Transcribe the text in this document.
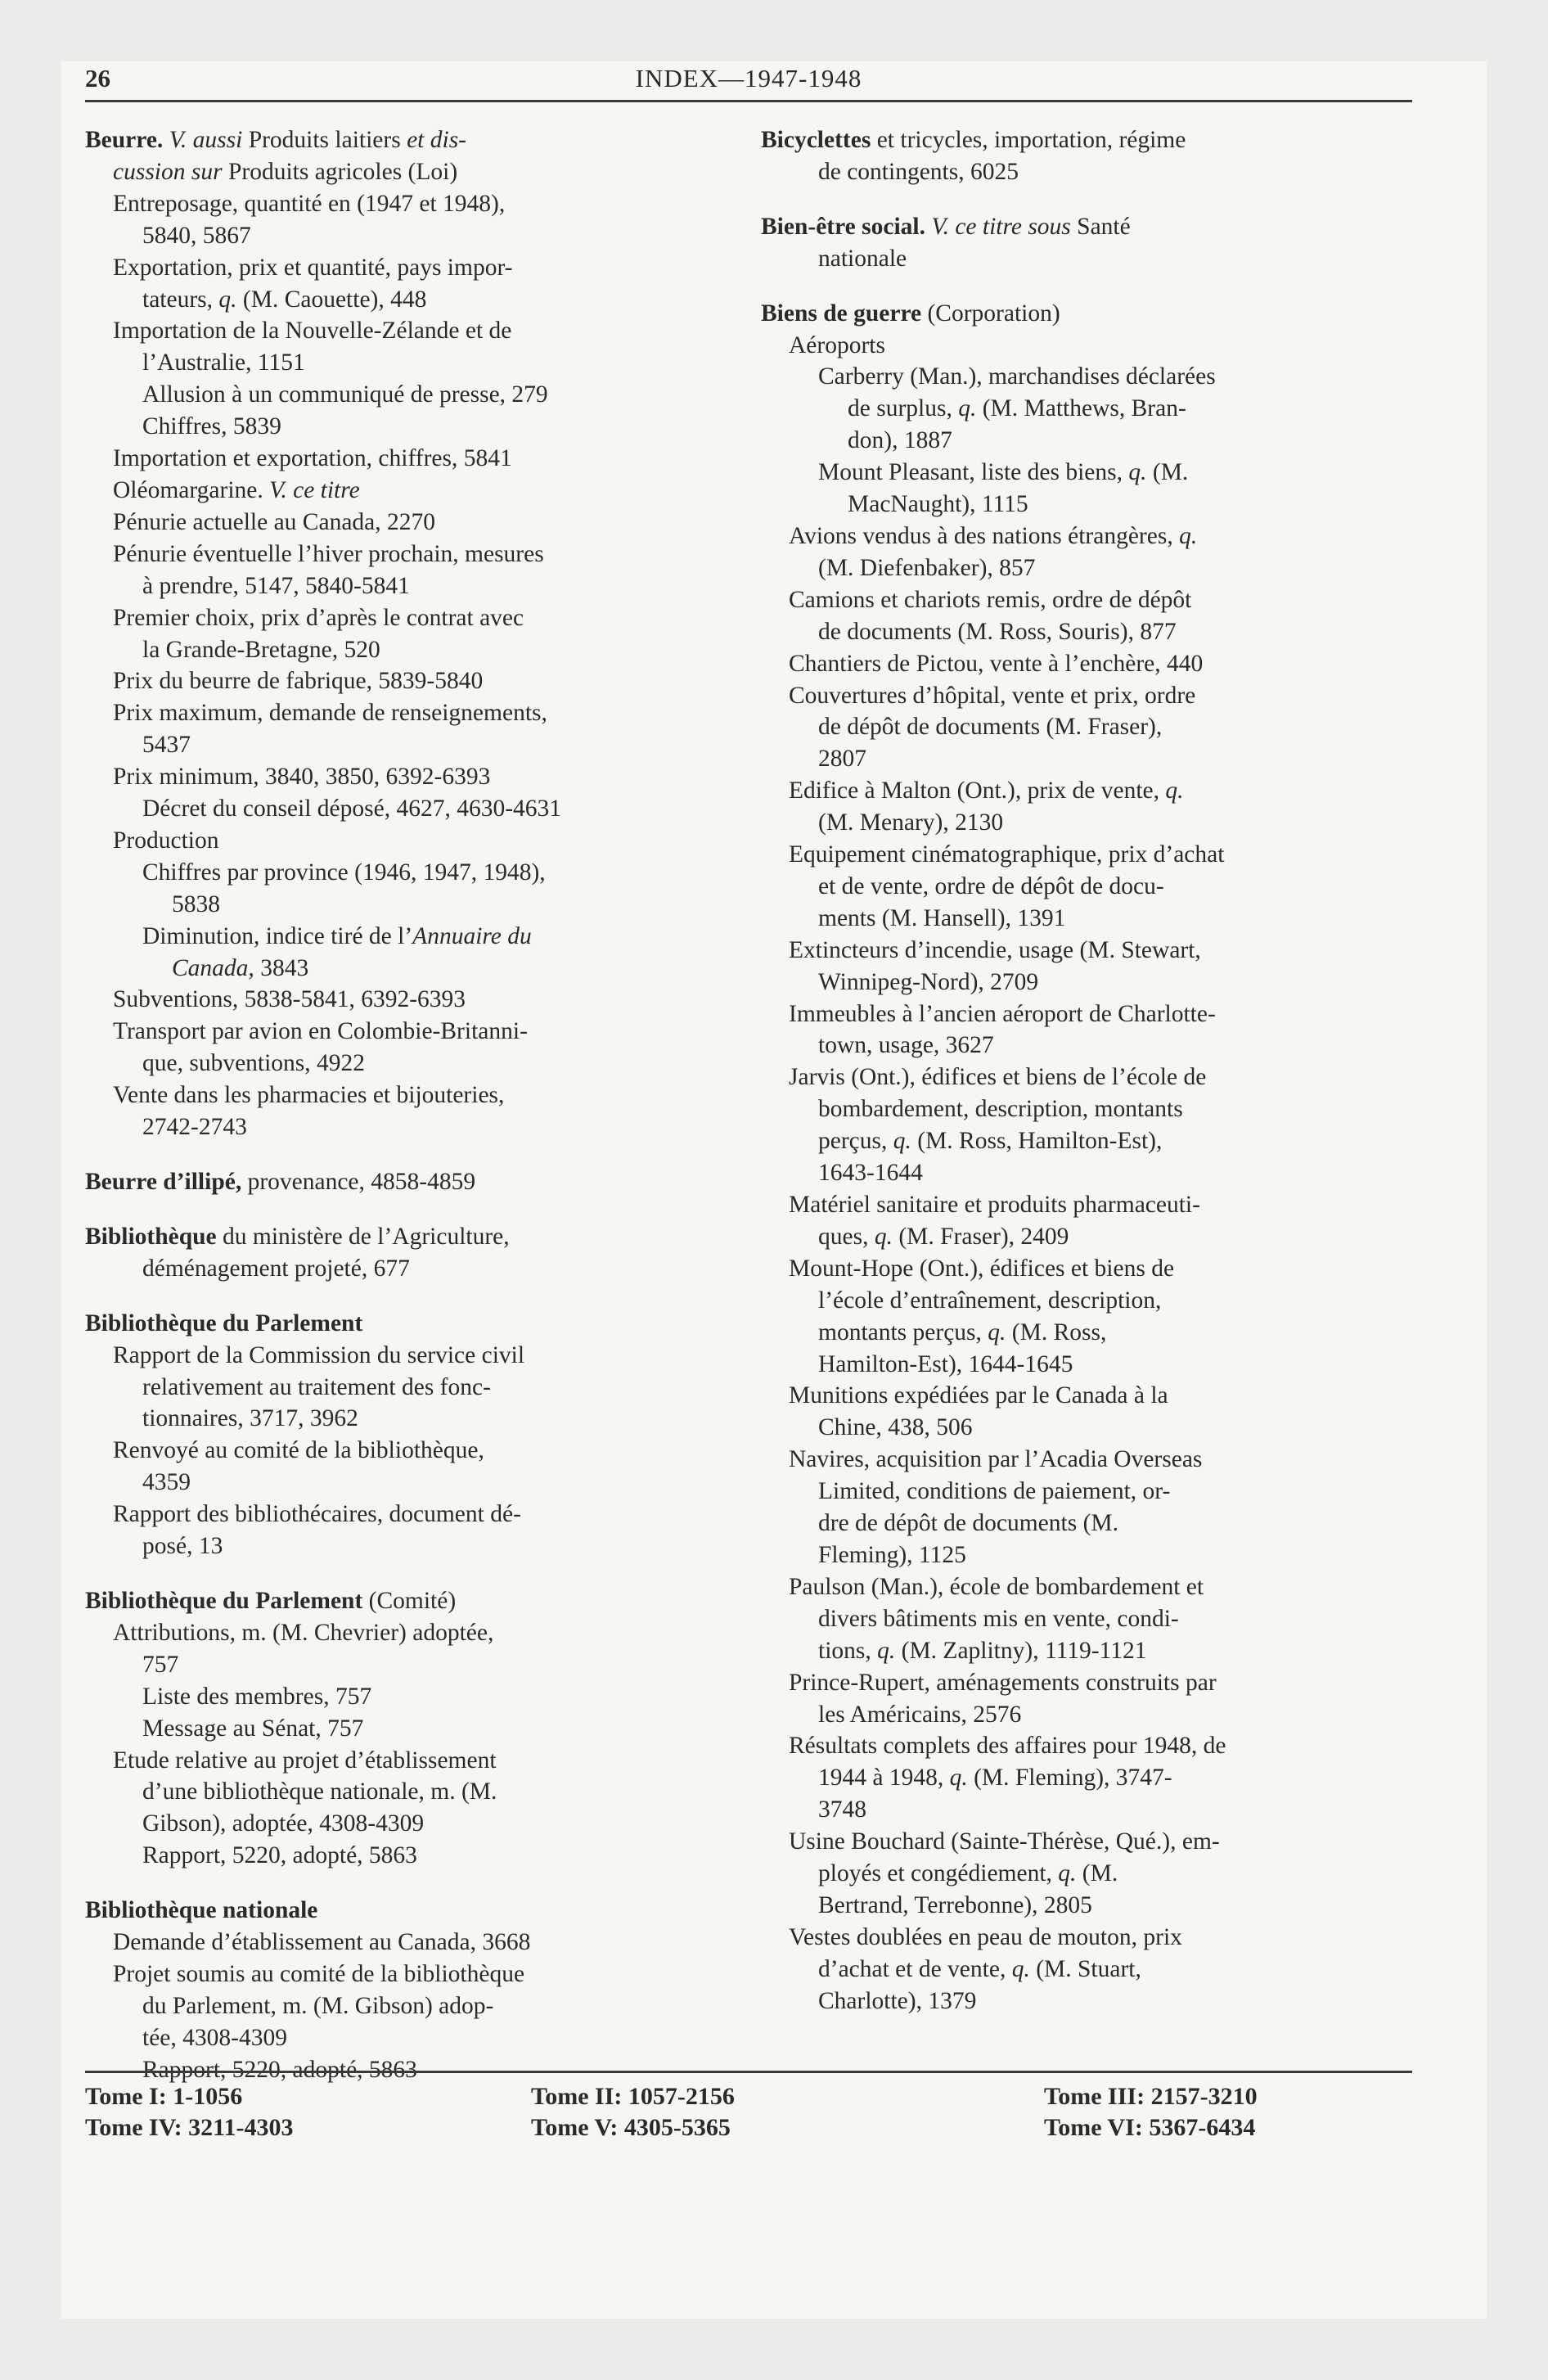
26	INDEX—1947-1948
Beurre. V. aussi Produits laitiers et dis-
cussion sur Produits agricoles (Loi)
Entreposage, quantité en (1947 et 1948),
5840, 5867
Exportation, prix et quantité, pays impor-
tateurs, q. (M. Caouette), 448
Importation de la Nouvelle-Zélande et de
l’Australie, 1151
Allusion à un communiqué de presse, 279
Chiffres, 5839
Importation et exportation, chiffres, 5841
Oléomargarine. V. ce titre
Pénurie actuelle au Canada, 2270
Pénurie éventuelle l’hiver prochain, mesures
à prendre, 5147, 5840-5841
Premier choix, prix d’après le contrat avec
la Grande-Bretagne, 520
Prix du beurre de fabrique, 5839-5840
Prix maximum, demande de renseignements,
5437
Prix minimum, 3840, 3850, 6392-6393
Décret du conseil déposé, 4627, 4630-4631
Production
Chiffres par province (1946, 1947, 1948),
5838
Diminution, indice tiré de l’Annuaire du
Canada, 3843
Subventions, 5838-5841, 6392-6393
Transport par avion en Colombie-Britanni-
que, subventions, 4922
Vente dans les pharmacies et bijouteries,
2742-2743
Beurre d’illipé, provenance, 4858-4859
Bibliothèque du ministère de l’Agriculture,
déménagement projeté, 677
Bibliothèque du Parlement
Rapport de la Commission du service civil
relativement au traitement des fonc-
tionnaires, 3717, 3962
Renvoyé au comité de la bibliothèque,
4359
Rapport des bibliothécaires, document dé-
posé, 13
Bibliothèque du Parlement (Comité)
Attributions, m. (M. Chevrier) adoptée,
757
Liste des membres, 757
Message au Sénat, 757
Etude relative au projet d’établissement
d’une bibliothèque nationale, m. (M.
Gibson), adoptée, 4308-4309
Rapport, 5220, adopté, 5863
Bibliothèque nationale
Demande d’établissement au Canada, 3668
Projet soumis au comité de la bibliothèque
du Parlement, m. (M. Gibson) adop-
tée, 4308-4309
Rapport, 5220, adopté, 5863
Bicyclettes et tricycles, importation, régime
de contingents, 6025
Bien-être social. V. ce titre sous Santé
nationale
Biens de guerre (Corporation)
Aéroports
Carberry (Man.), marchandises déclarées
de surplus, q. (M. Matthews, Bran-
don), 1887
Mount Pleasant, liste des biens, q. (M.
MacNaught), 1115
Avions vendus à des nations étrangères, q.
(M. Diefenbaker), 857
Camions et chariots remis, ordre de dépôt
de documents (M. Ross, Souris), 877
Chantiers de Pictou, vente à l’enchère, 440
Couvertures d’hôpital, vente et prix, ordre
de dépôt de documents (M. Fraser),
2807
Edifice à Malton (Ont.), prix de vente, q.
(M. Menary), 2130
Equipement cinématographique, prix d’achat
et de vente, ordre de dépôt de docu-
ments (M. Hansell), 1391
Extincteurs d’incendie, usage (M. Stewart,
Winnipeg-Nord), 2709
Immeubles à l’ancien aéroport de Charlotte-
town, usage, 3627
Jarvis (Ont.), édifices et biens de l’école de
bombardement, description, montants
perçus, q. (M. Ross, Hamilton-Est),
1643-1644
Matériel sanitaire et produits pharmaceuti-
ques, q. (M. Fraser), 2409
Mount-Hope (Ont.), édifices et biens de
l’école d’entraînement, description,
montants perçus, q. (M. Ross,
Hamilton-Est), 1644-1645
Munitions expédiées par le Canada à la
Chine, 438, 506
Navires, acquisition par l’Acadia Overseas
Limited, conditions de paiement, or-
dre de dépôt de documents (M.
Fleming), 1125
Paulson (Man.), école de bombardement et
divers bâtiments mis en vente, condi-
tions, q. (M. Zaplitny), 1119-1121
Prince-Rupert, aménagements construits par
les Américains, 2576
Résultats complets des affaires pour 1948, de
1944 à 1948, q. (M. Fleming), 3747-
3748
Usine Bouchard (Sainte-Thérèse, Qué.), em-
ployés et congédiement, q. (M.
Bertrand, Terrebonne), 2805
Vestes doublées en peau de mouton, prix
d’achat et de vente, q. (M. Stuart,
Charlotte), 1379
Tome I: 1-1056
Tome IV: 3211-4303
Tome II: 1057-2156
Tome V: 4305-5365
Tome III: 2157-3210
Tome VI: 5367-6434
